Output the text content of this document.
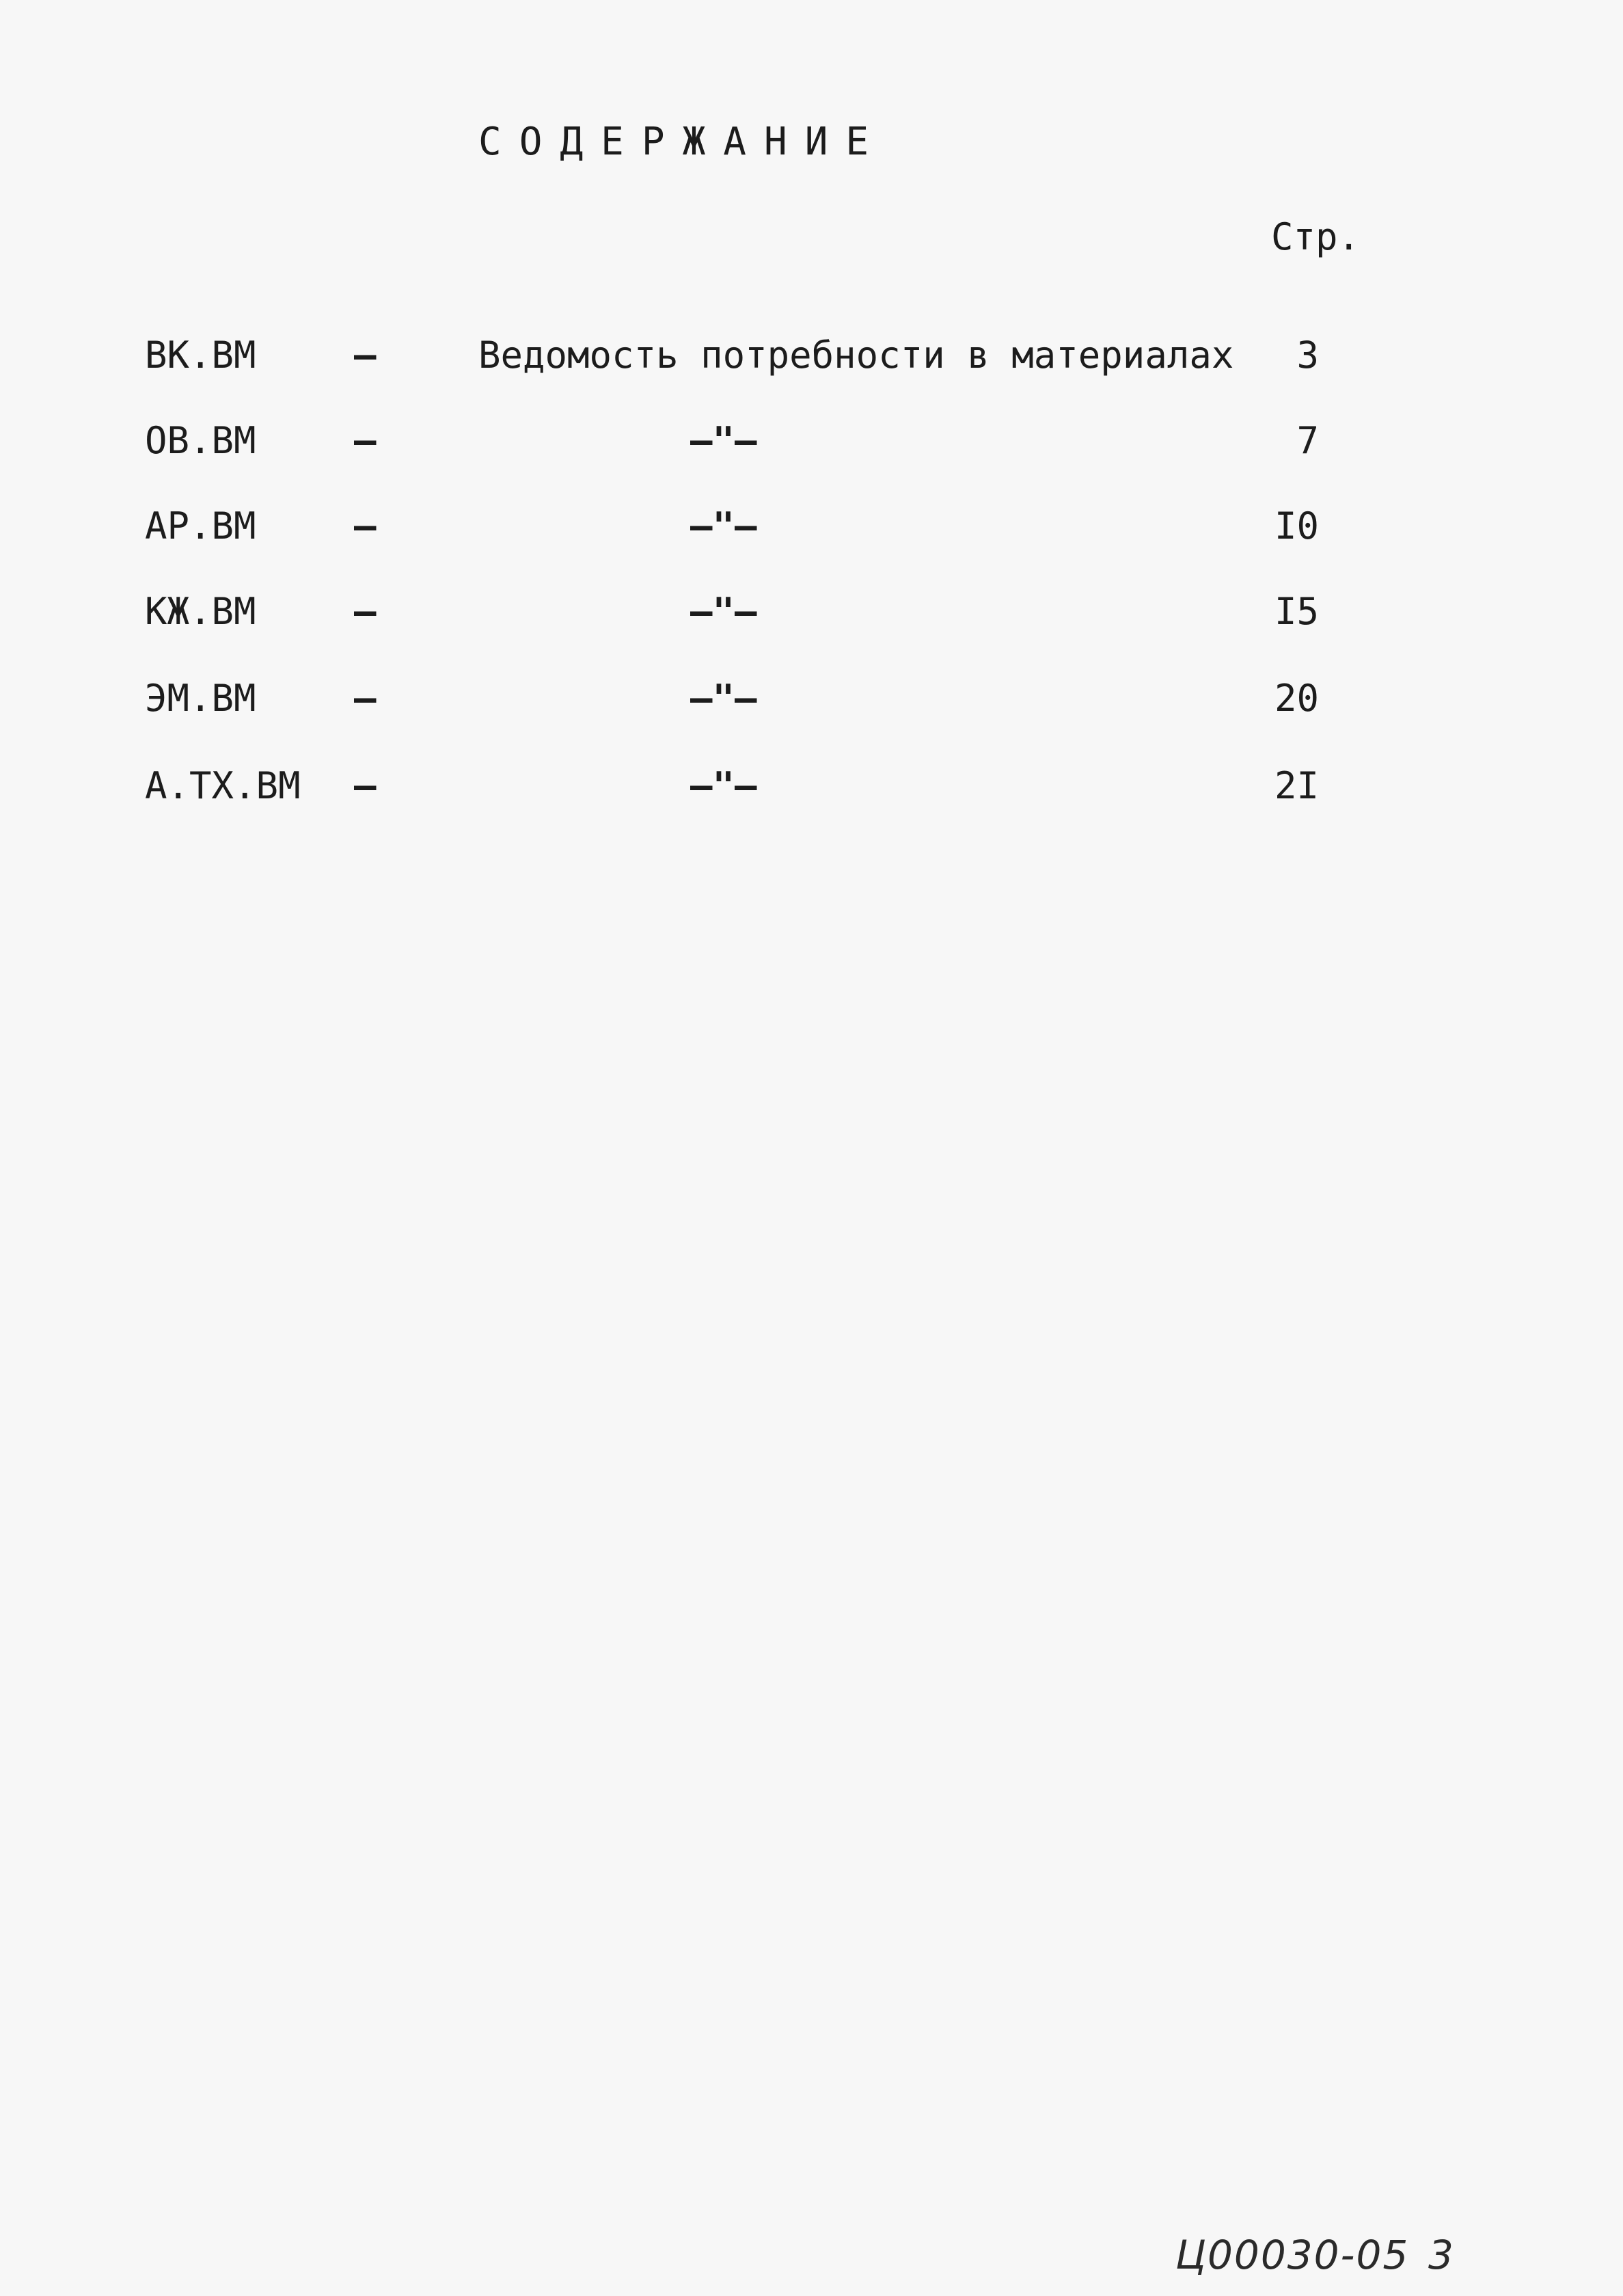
СОДЕРЖАНИЕ
Стр.
ВК.ВМ	–	Ведомость потребности в материалах	3
ОВ.ВМ	–	–"–	7
АР.ВМ	–	–"–	I0
КЖ.ВМ	–	–"–	I5
ЭМ.ВМ	–	–"–	20
А.ТХ.ВМ –	–"–	2I
Ц00030-05 3
